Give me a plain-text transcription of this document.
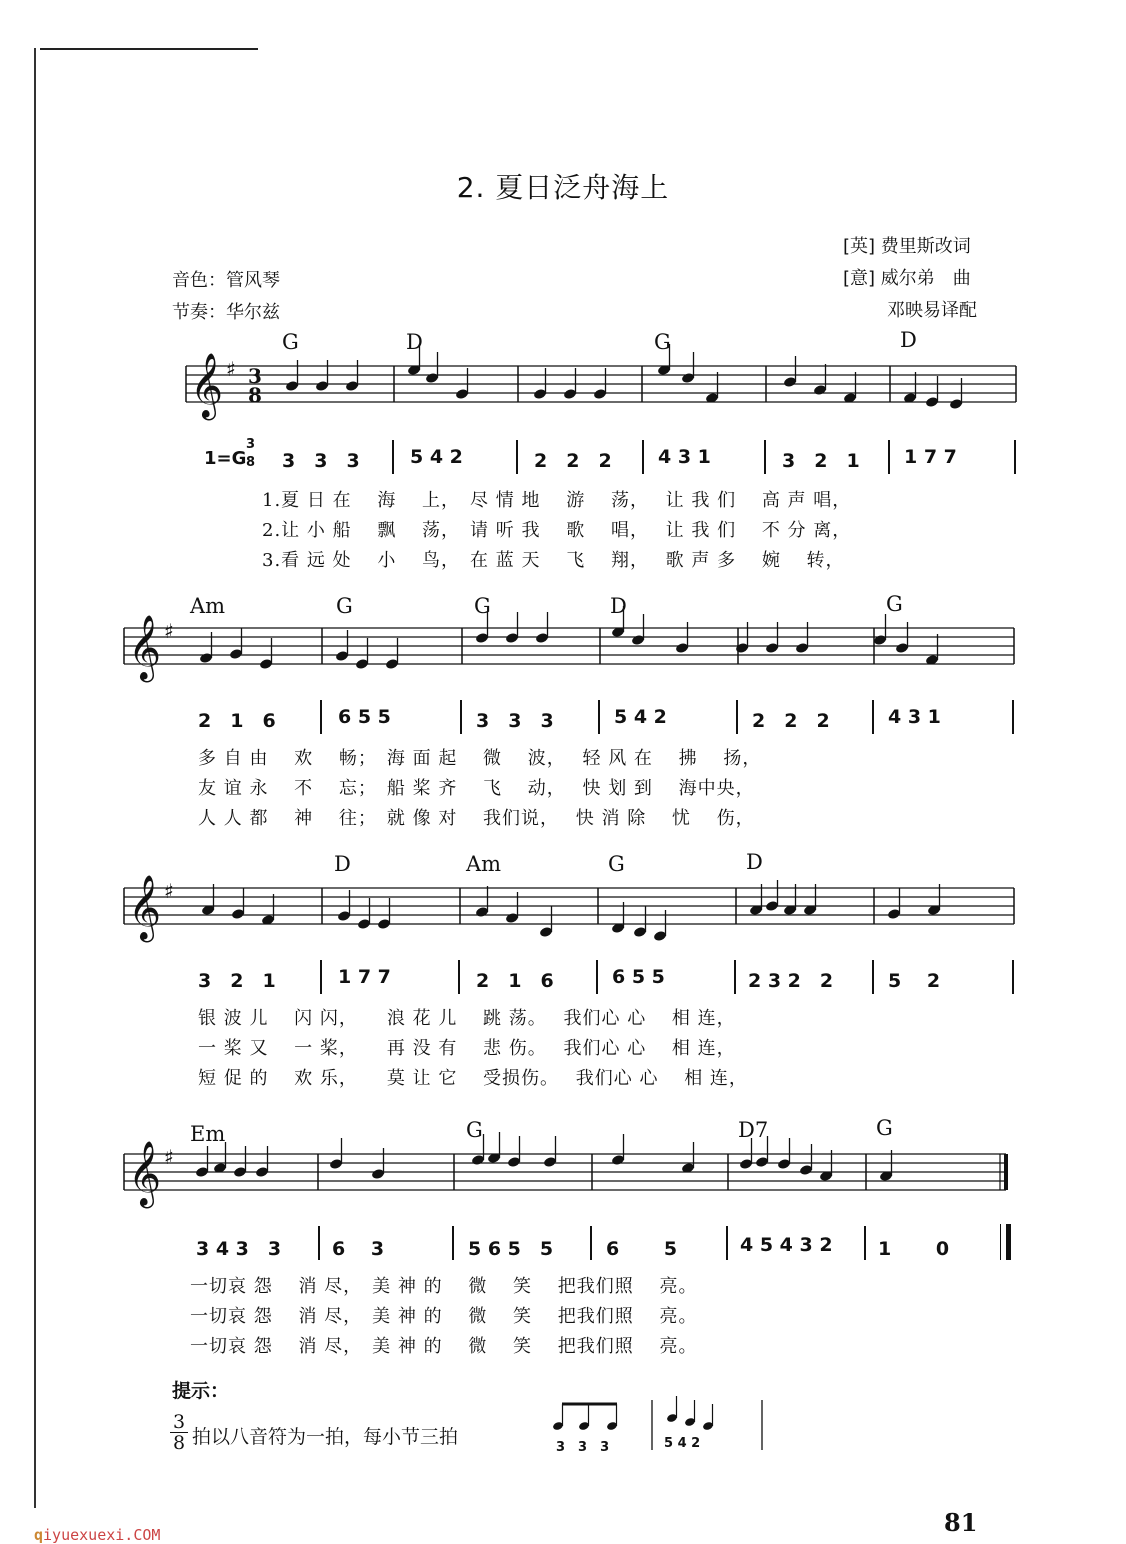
2. 夏日泛舟海上
[英] 费里斯改词
[意] 威尔弟　曲
邓映易译配
音色：管风琴
节奏：华尔兹
𝄞 ♯ 3
8
𝄞 ♯
𝄞 ♯
𝄞 ♯
G	D	G	D
1=G
3
8 3　3　3	5 4 2	2　2　2 4 3 1	3　2　1 1 7 7
1.夏 日 在　 海　 上，　尽 情 地　 游　 荡，　 让 我 们　 高 声 唱，
2.让 小 船　 飘　 荡，　请 听 我　 歌　 唱，　 让 我 们　 不 分 离，
3.看 远 处　 小　 鸟，　在 蓝 天　 飞　 翔，　 歌 声 多　 婉　 转，
Am	G	G	D	G
2　1　6	6 5 5	3　3　3	5 4 2	2　2　2	4 3 1
多 自 由　 欢　 畅；　海 面 起　 微　 波，　 轻 风 在　 拂　 扬，
友 谊 永　 不　 忘；　船 桨 齐　 飞　 动，　 快 划 到　 海中央，
人 人 都　 神　 往；　就 像 对　 我们说，　 快 消 除　 忧　 伤，
D	Am	G	D
3　2　1	1 7 7	2　1　6	6 5 5	2 3 2　2	5　 2
银 波 儿　 闪 闪，　　浪 花 儿　 跳 荡。　 我们心 心　 相 连，
一 桨 又　 一 桨，　　再 没 有　 悲 伤。　 我们心 心　 相 连，
短 促 的　 欢 乐，　　莫 让 它　 受损伤。　 我们心 心　 相 连，
Em	G	D7	G
3 4 3　3	6　 3	5 6 5　5	6　　 5	4 5 4 3 2 1　　 0
一切哀 怨　 消 尽，　美 神 的　 微　 笑　 把我们照　 亮。
一切哀 怨　 消 尽，　美 神 的　 微　 笑　 把我们照　 亮。
一切哀 怨　 消 尽，　美 神 的　 微　 笑　 把我们照　 亮。
提示：
$\frac{3}{8}$ 拍以八音符为一拍，每小节三拍	3　3　3	5 4 2
81
qiyuexuexi.COM
